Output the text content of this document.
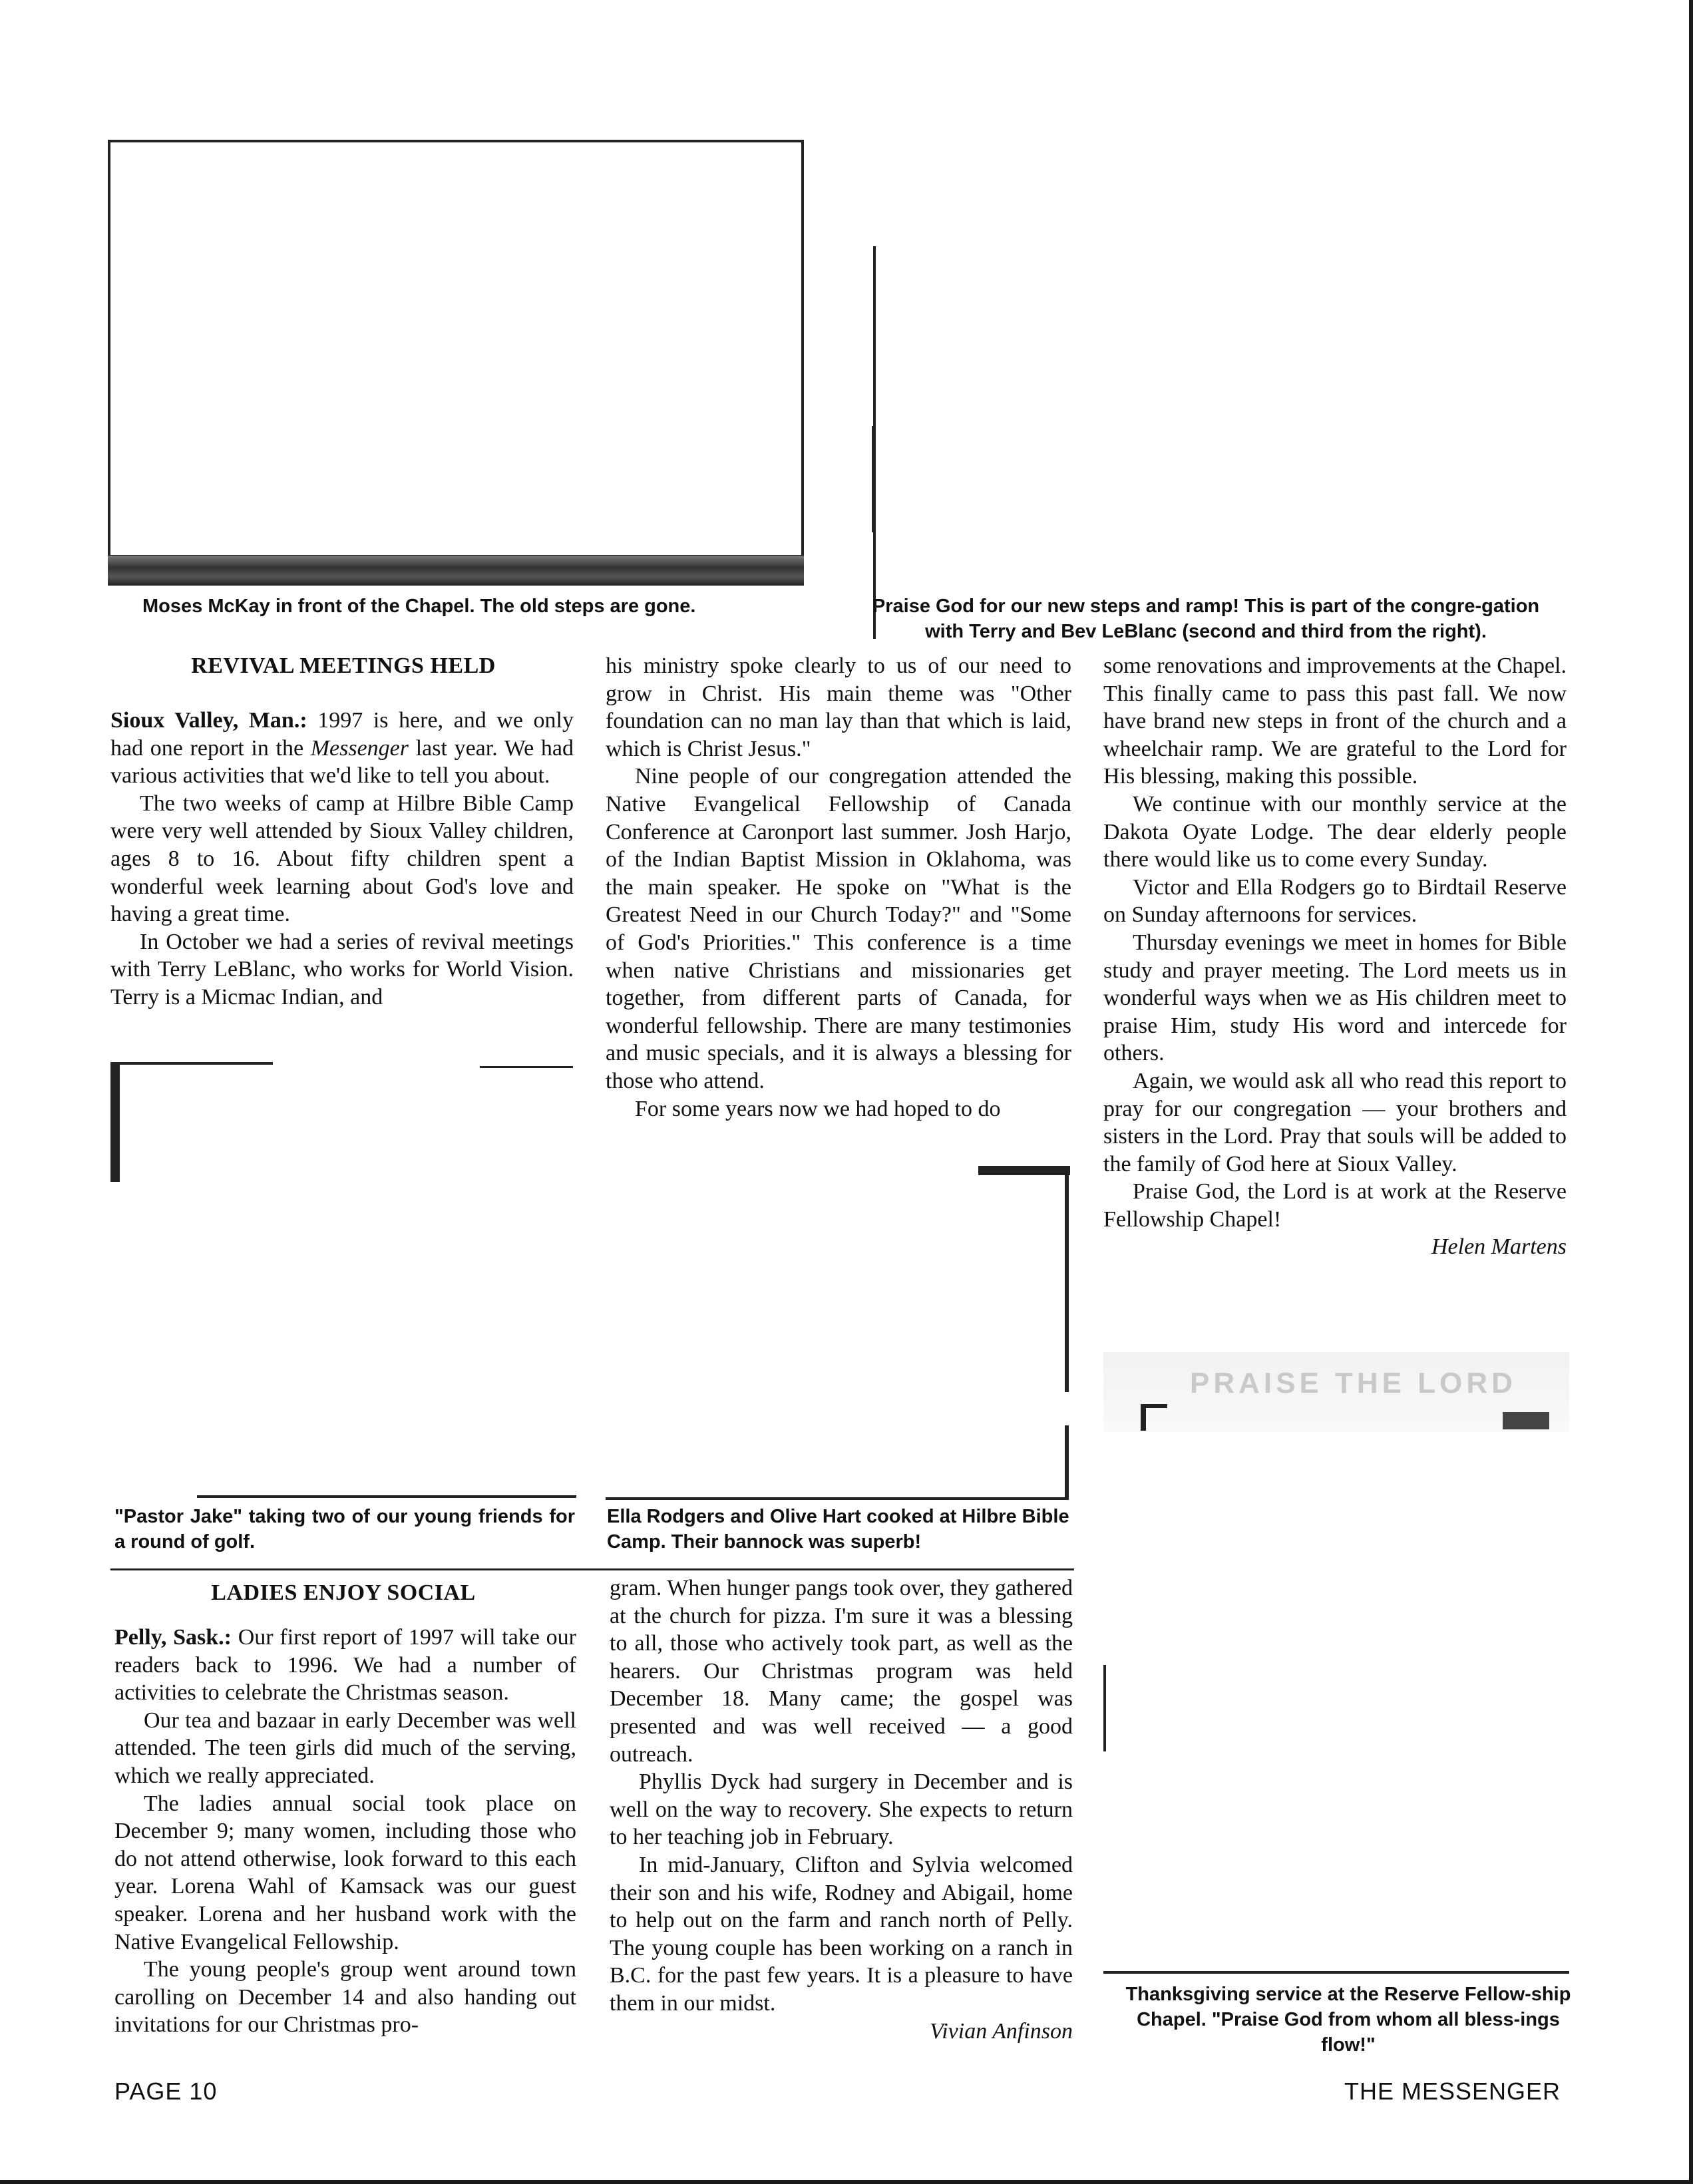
Moses McKay in front of the Chapel. The old steps are gone.	Praise God for our new steps and ramp! This is part of the congre-gation with Terry and Bev LeBlanc (second and third from the right).
REVIVAL MEETINGS HELD

Sioux Valley, Man.: 1997 is here, and we only had one report in the Messenger last year. We had various activities that we'd like to tell you about.

The two weeks of camp at Hilbre Bible Camp were very well attended by Sioux Valley children, ages 8 to 16. About fifty children spent a wonderful week learning about God's love and having a great time.

In October we had a series of revival meetings with Terry LeBlanc, who works for World Vision. Terry is a Micmac Indian, and

"Pastor Jake" taking two of our young friends for a round of golf.

his ministry spoke clearly to us of our need to grow in Christ. His main theme was "Other foundation can no man lay than that which is laid, which is Christ Jesus."

Nine people of our congregation attended the Native Evangelical Fellowship of Canada Conference at Caronport last summer. Josh Harjo, of the Indian Baptist Mission in Oklahoma, was the main speaker. He spoke on "What is the Greatest Need in our Church Today?" and "Some of God's Priorities." This conference is a time when native Christians and missionaries get together, from different parts of Canada, for wonderful fellowship. There are many testimonies and music specials, and it is always a blessing for those who attend.

For some years now we had hoped to do

Ella Rodgers and Olive Hart cooked at Hilbre Bible Camp. Their bannock was superb!

some renovations and improvements at the Chapel. This finally came to pass this past fall. We now have brand new steps in front of the church and a wheelchair ramp. We are grateful to the Lord for His blessing, making this possible.

We continue with our monthly service at the Dakota Oyate Lodge. The dear elderly people there would like us to come every Sunday.

Victor and Ella Rodgers go to Birdtail Reserve on Sunday afternoons for services.

Thursday evenings we meet in homes for Bible study and prayer meeting. The Lord meets us in wonderful ways when we as His children meet to praise Him, study His word and intercede for others.

Again, we would ask all who read this report to pray for our congregation — your brothers and sisters in the Lord. Pray that souls will be added to the family of God here at Sioux Valley.

Praise God, the Lord is at work at the Reserve Fellowship Chapel!

Helen Martens

PRAISE THE LORD
Thanksgiving service at the Reserve Fellow-ship Chapel. "Praise God from whom all bless-ings flow!"
LADIES ENJOY SOCIAL

Pelly, Sask.: Our first report of 1997 will take our readers back to 1996. We had a number of activities to celebrate the Christmas season.

Our tea and bazaar in early December was well attended. The teen girls did much of the serving, which we really appreciated.

The ladies annual social took place on December 9; many women, including those who do not attend otherwise, look forward to this each year. Lorena Wahl of Kamsack was our guest speaker. Lorena and her husband work with the Native Evangelical Fellowship.

The young people's group went around town carolling on December 14 and also handing out invitations for our Christmas pro-

gram. When hunger pangs took over, they gathered at the church for pizza. I'm sure it was a blessing to all, those who actively took part, as well as the hearers. Our Christmas program was held December 18. Many came; the gospel was presented and was well received — a good outreach.

Phyllis Dyck had surgery in December and is well on the way to recovery. She expects to return to her teaching job in February.

In mid-January, Clifton and Sylvia welcomed their son and his wife, Rodney and Abigail, home to help out on the farm and ranch north of Pelly. The young couple has been working on a ranch in B.C. for the past few years. It is a pleasure to have them in our midst.

Vivian Anfinson

PAGE 10	THE MESSENGER
